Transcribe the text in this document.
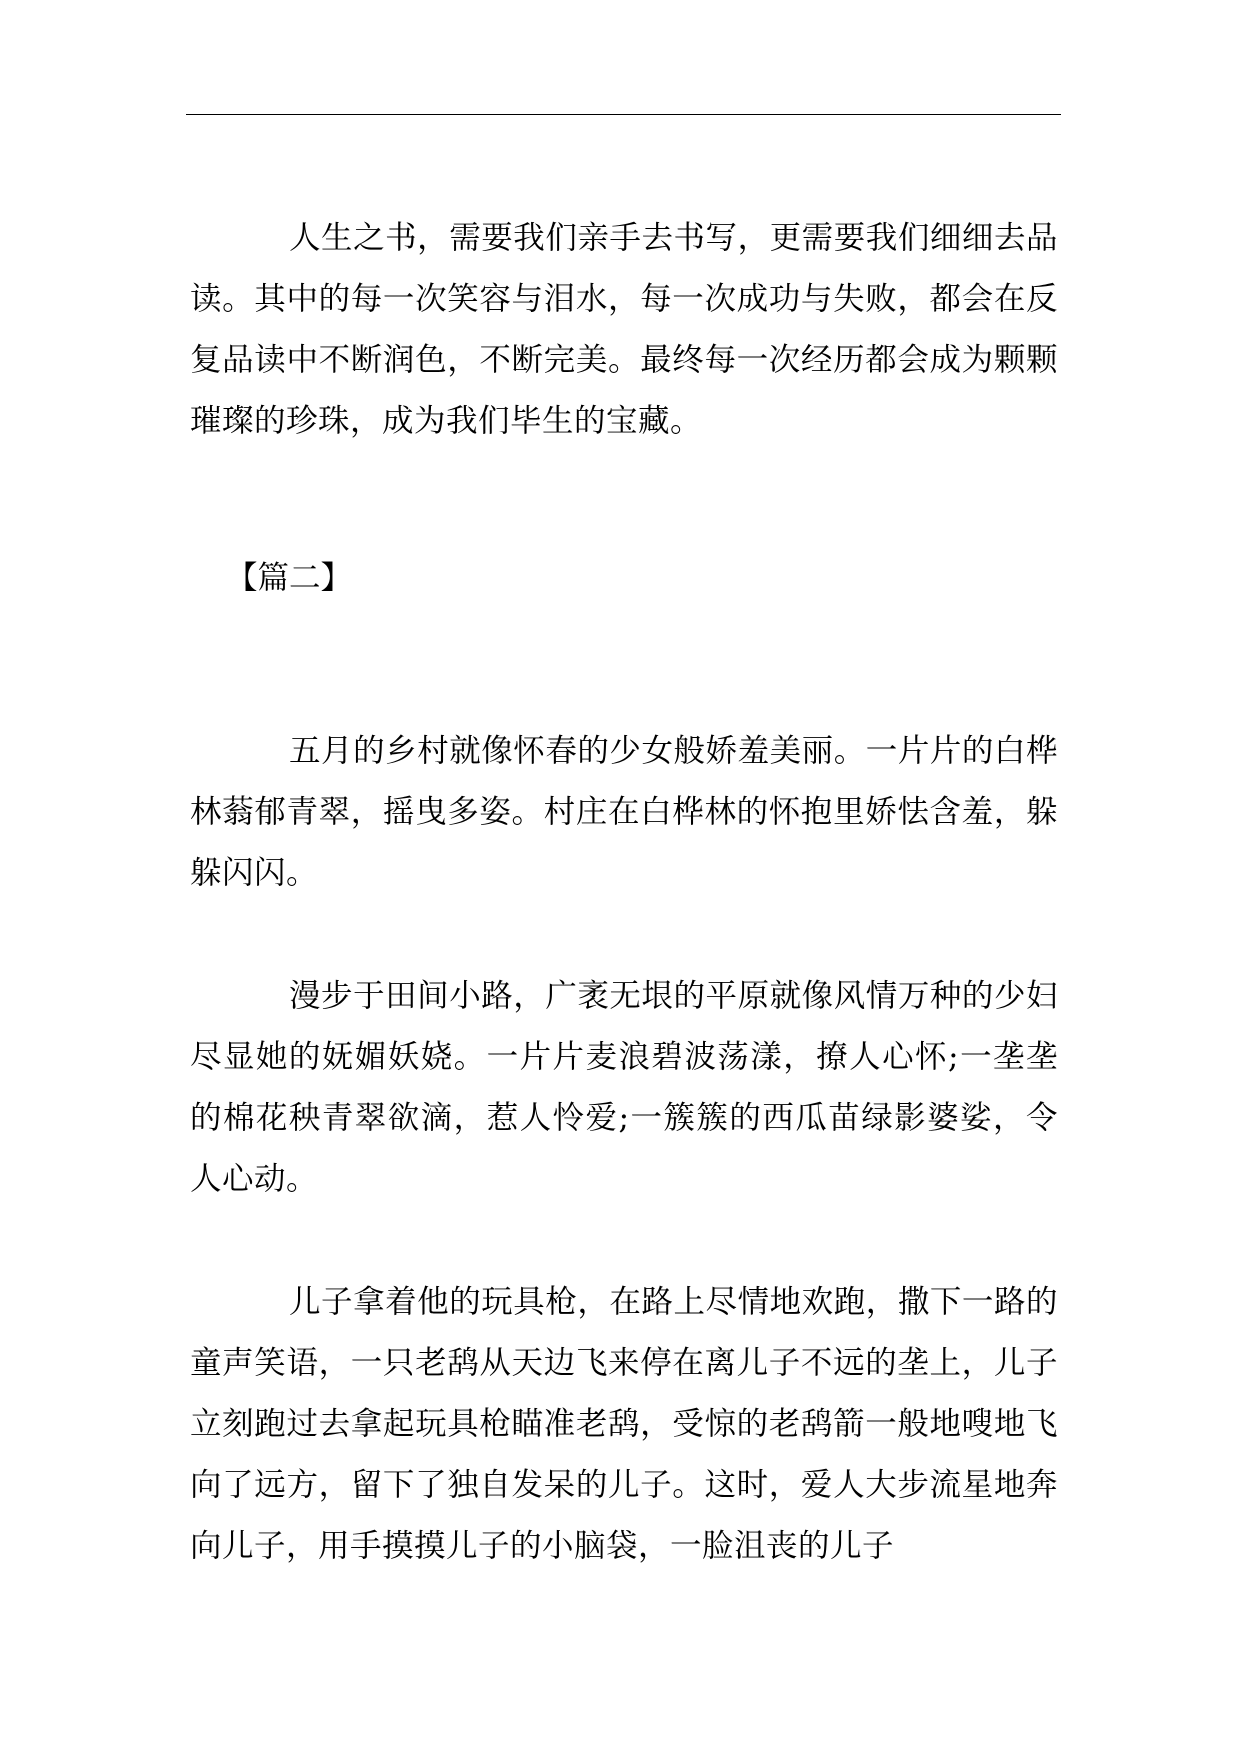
人生之书，需要我们亲手去书写，更需要我们细细去品读。其中的每一次笑容与泪水，每一次成功与失败，都会在反复品读中不断润色，不断完美。最终每一次经历都会成为颗颗璀璨的珍珠，成为我们毕生的宝藏。

【篇二】

五月的乡村就像怀春的少女般娇羞美丽。一片片的白桦林蓊郁青翠，摇曳多姿。村庄在白桦林的怀抱里娇怯含羞，躲躲闪闪。

漫步于田间小路，广袤无垠的平原就像风情万种的少妇尽显她的妩媚妖娆。一片片麦浪碧波荡漾，撩人心怀;一垄垄的棉花秧青翠欲滴，惹人怜爱;一簇簇的西瓜苗绿影婆娑，令人心动。

儿子拿着他的玩具枪，在路上尽情地欢跑，撒下一路的童声笑语，一只老鸹从天边飞来停在离儿子不远的垄上，儿子立刻跑过去拿起玩具枪瞄准老鸹，受惊的老鸹箭一般地嗖地飞向了远方，留下了独自发呆的儿子。这时，爱人大步流星地奔向儿子，用手摸摸儿子的小脑袋，一脸沮丧的儿子
